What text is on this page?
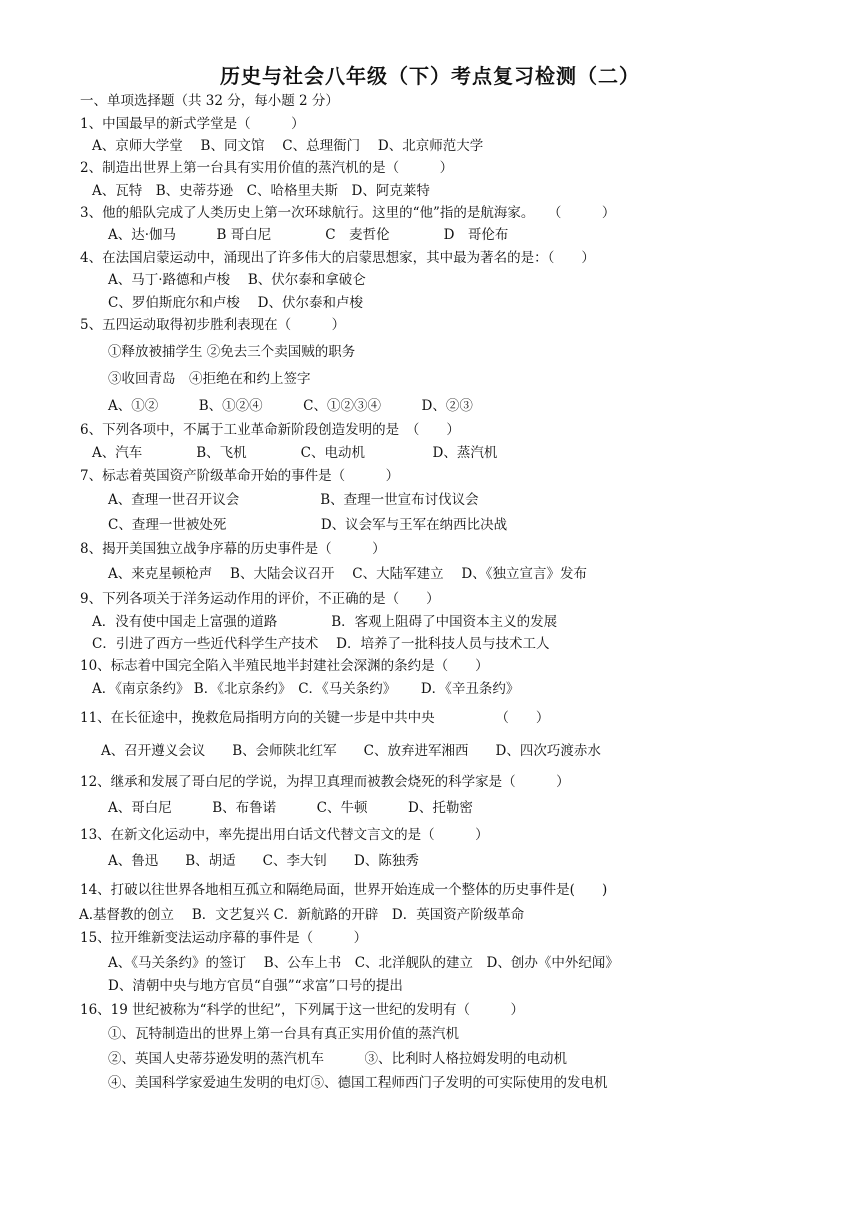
历史与社会八年级（下）考点复习检测（二）
一、单项选择题（共 32 分，每小题 2 分）
1、中国最早的新式学堂是（　　　）
A、京师大学堂　 B、同文馆　 C、总理衙门　 D、北京师范大学
2、制造出世界上第一台具有实用价值的蒸汽机的是（　　　）
A、瓦特　B、史蒂芬逊　C、哈格里夫斯　D、阿克莱特
3、他的船队完成了人类历史上第一次环球航行。这里的“他”指的是航海家。　　（　　　）
A、达·伽马　　　B 哥白尼　　　　C　麦哲伦　　　　D　哥伦布
4、在法国启蒙运动中，涌现出了许多伟大的启蒙思想家，其中最为著名的是：（　　）
A、马丁·路德和卢梭　 B、伏尔泰和拿破仑
C、罗伯斯庇尔和卢梭　 D、伏尔泰和卢梭
5、五四运动取得初步胜利表现在（　　　）
①释放被捕学生 ②免去三个卖国贼的职务
③收回青岛　④拒绝在和约上签字
A、①②　　　B、①②④　　　C、①②③④　　　D、②③
6、下列各项中，不属于工业革命新阶段创造发明的是　（　　）
A、汽车　　　　B、飞机　　　　C、电动机　　　　　D、蒸汽机
7、标志着英国资产阶级革命开始的事件是（　　　）
A、查理一世召开议会　　　　　　B、查理一世宣布讨伐议会
C、查理一世被处死　　　　　　　D、议会军与王军在纳西比决战
8、揭开美国独立战争序幕的历史事件是（　　　）
A、来克星顿枪声　 B、大陆会议召开　 C、大陆军建立　 D、《独立宣言》发布
9、下列各项关于洋务运动作用的评价，不正确的是（　　）
A．没有使中国走上富强的道路　　　　B．客观上阻碍了中国资本主义的发展
C．引进了西方一些近代科学生产技术　 D．培养了一批科技人员与技术工人
10、标志着中国完全陷入半殖民地半封建社会深渊的条约是（　　）
A．《南京条约》 B．《北京条约》　C．《马关条约》　　 D．《辛丑条约》
11、在长征途中，挽救危局指明方向的关键一步是中共中央　　　　　（　　）
A、召开遵义会议　　B、会师陕北红军　　C、放弃进军湘西　　D、四次巧渡赤水
12、继承和发展了哥白尼的学说，为捍卫真理而被教会烧死的科学家是（　　　）
A、哥白尼　　　B、布鲁诺　　　C、牛顿　　　D、托勒密
13、在新文化运动中，率先提出用白话文代替文言文的是（　　　）
A、鲁迅　　B、胡适　　C、李大钊　　D、陈独秀
14、打破以往世界各地相互孤立和隔绝局面，世界开始连成一个整体的历史事件是(　　)
A.基督教的创立　 B．文艺复兴 C．新航路的开辟　D．英国资产阶级革命
15、拉开维新变法运动序幕的事件是（　　　）
A、《马关条约》的签订　 B、公车上书　C、北洋舰队的建立　D、创办《中外纪闻》
D、清朝中央与地方官员“自强”“求富”口号的提出
16、19 世纪被称为“科学的世纪”，下列属于这一世纪的发明有（　　　）
①、瓦特制造出的世界上第一台具有真正实用价值的蒸汽机
②、英国人史蒂芬逊发明的蒸汽机车　　　③、比利时人格拉姆发明的电动机
④、美国科学家爱迪生发明的电灯⑤、德国工程师西门子发明的可实际使用的发电机
